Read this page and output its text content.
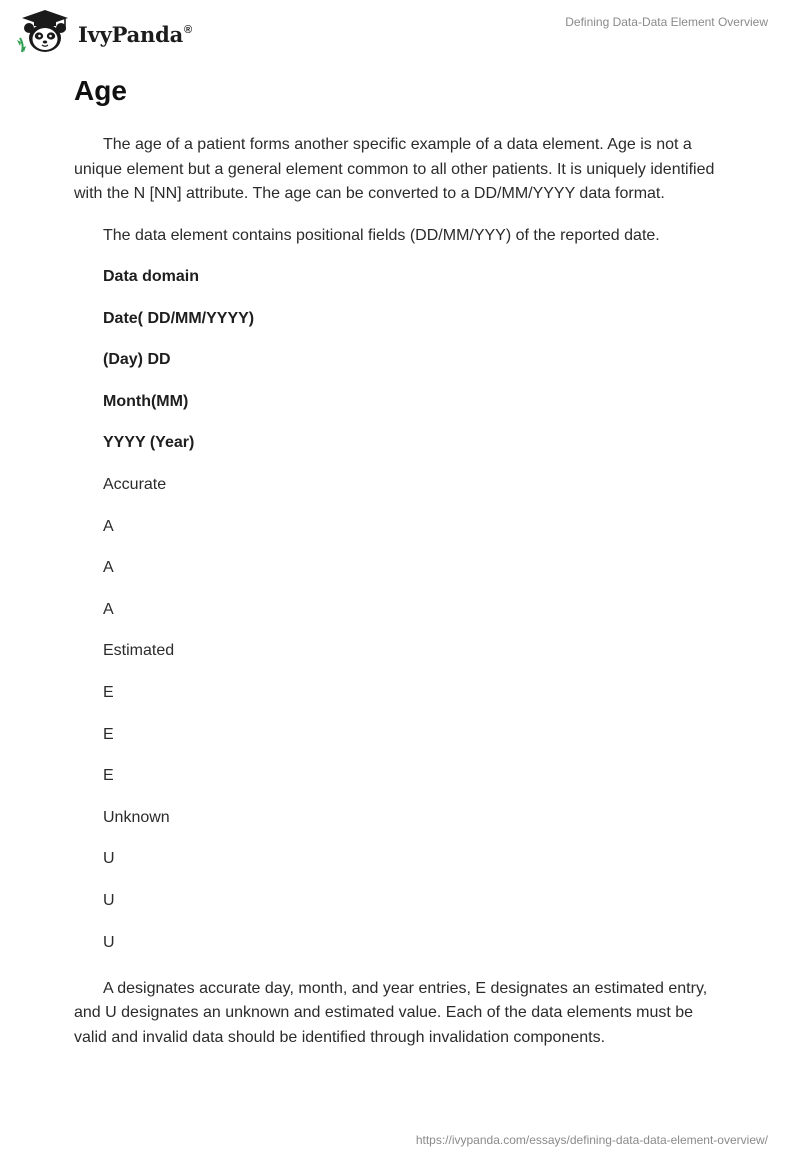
IvyPanda®
Defining Data-Data Element Overview
Age

The age of a patient forms another specific example of a data element. Age is not a unique element but a general element common to all other patients. It is uniquely identified with the N [NN] attribute. The age can be converted to a DD/MM/YYYY data format.

The data element contains positional fields (DD/MM/YYY) of the reported date.

Data domain

Date( DD/MM/YYYY)

(Day) DD

Month(MM)

YYYY (Year)

Accurate

A

A

A

Estimated

E

E

E

Unknown

U

U

U

A designates accurate day, month, and year entries, E designates an estimated entry, and U designates an unknown and estimated value. Each of the data elements must be valid and invalid data should be identified through invalidation components.

https://ivypanda.com/essays/defining-data-data-element-overview/
